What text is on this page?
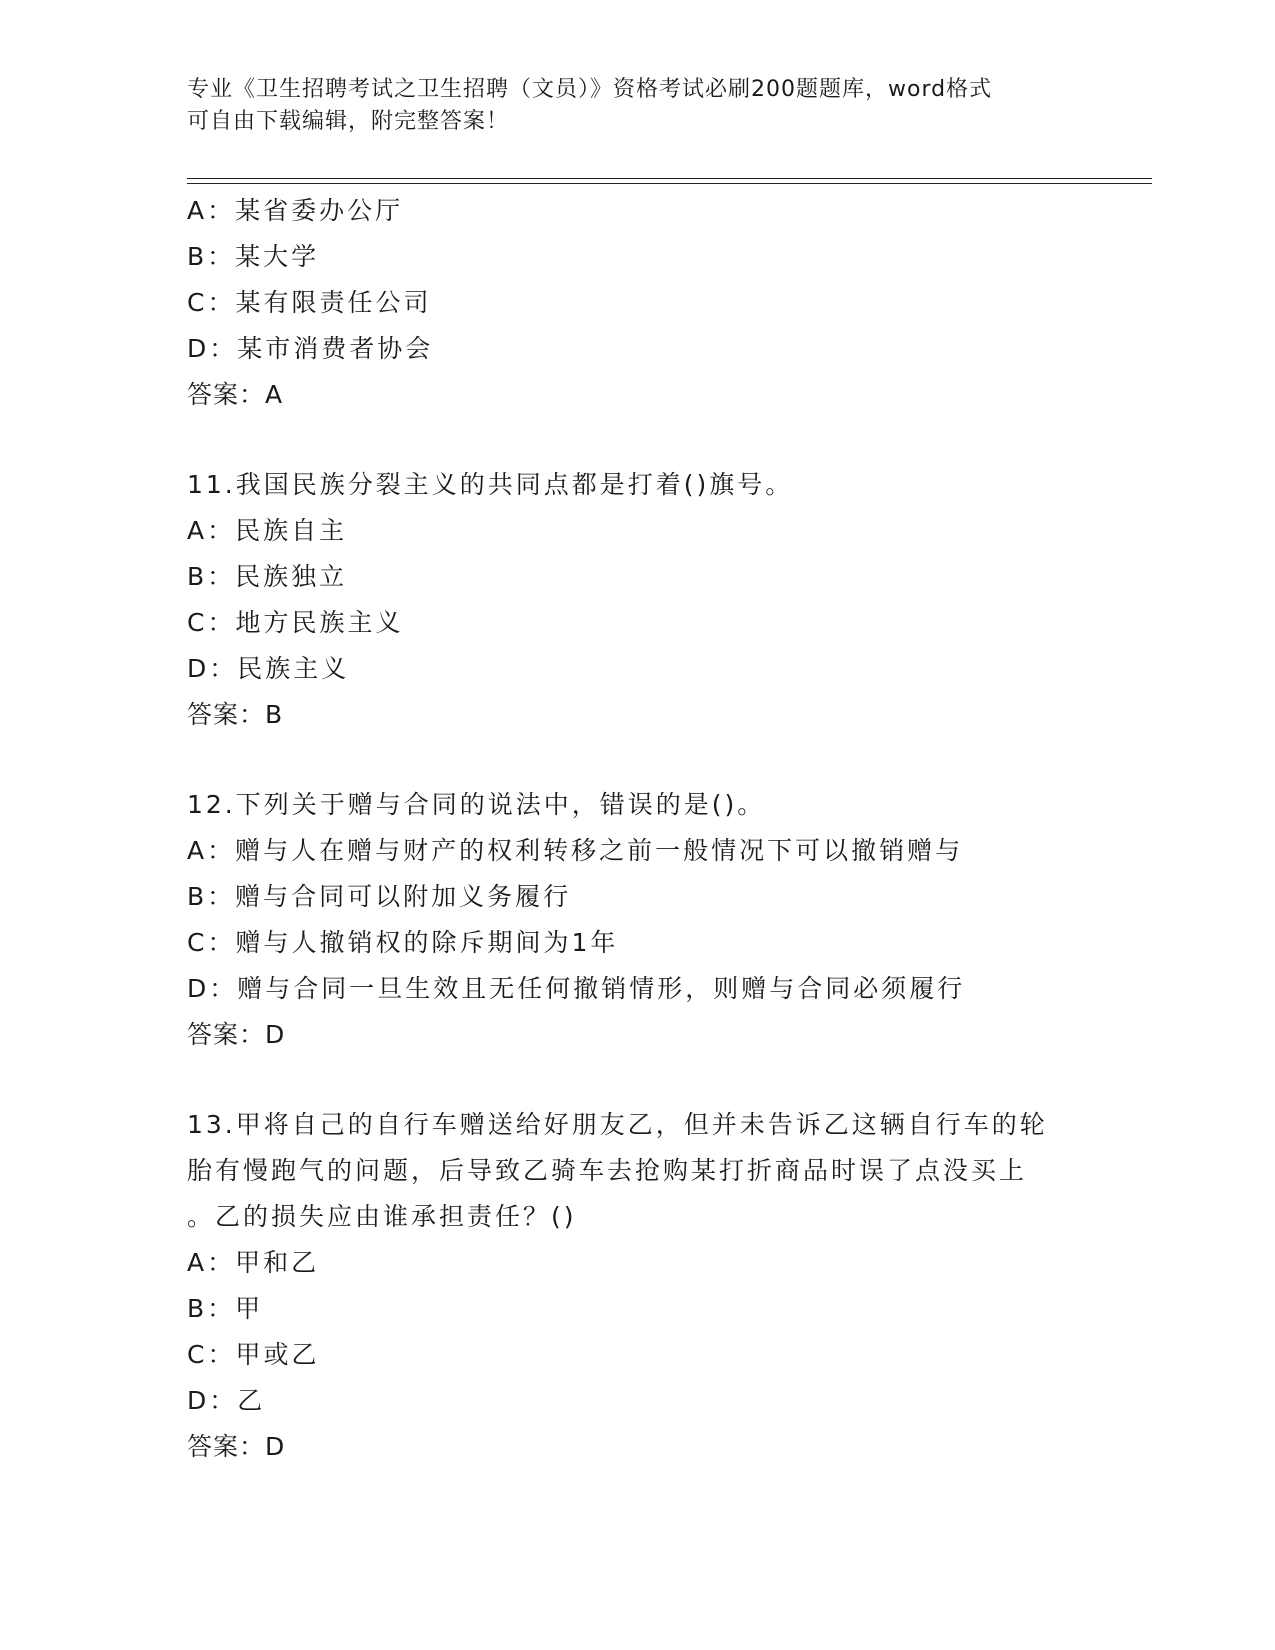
专业《卫生招聘考试之卫生招聘（文员）》资格考试必刷200题题库，word格式
可自由下载编辑，附完整答案！
A：某省委办公厅
B：某大学
C：某有限责任公司
D：某市消费者协会
答案：A
11.我国民族分裂主义的共同点都是打着()旗号。
A：民族自主
B：民族独立
C：地方民族主义
D：民族主义
答案：B
12.下列关于赠与合同的说法中，错误的是()。
A：赠与人在赠与财产的权利转移之前一般情况下可以撤销赠与
B：赠与合同可以附加义务履行
C：赠与人撤销权的除斥期间为1年
D：赠与合同一旦生效且无任何撤销情形，则赠与合同必须履行
答案：D
13.甲将自己的自行车赠送给好朋友乙，但并未告诉乙这辆自行车的轮
胎有慢跑气的问题，后导致乙骑车去抢购某打折商品时误了点没买上
。乙的损失应由谁承担责任？()
A：甲和乙
B：甲
C：甲或乙
D：乙
答案：D
